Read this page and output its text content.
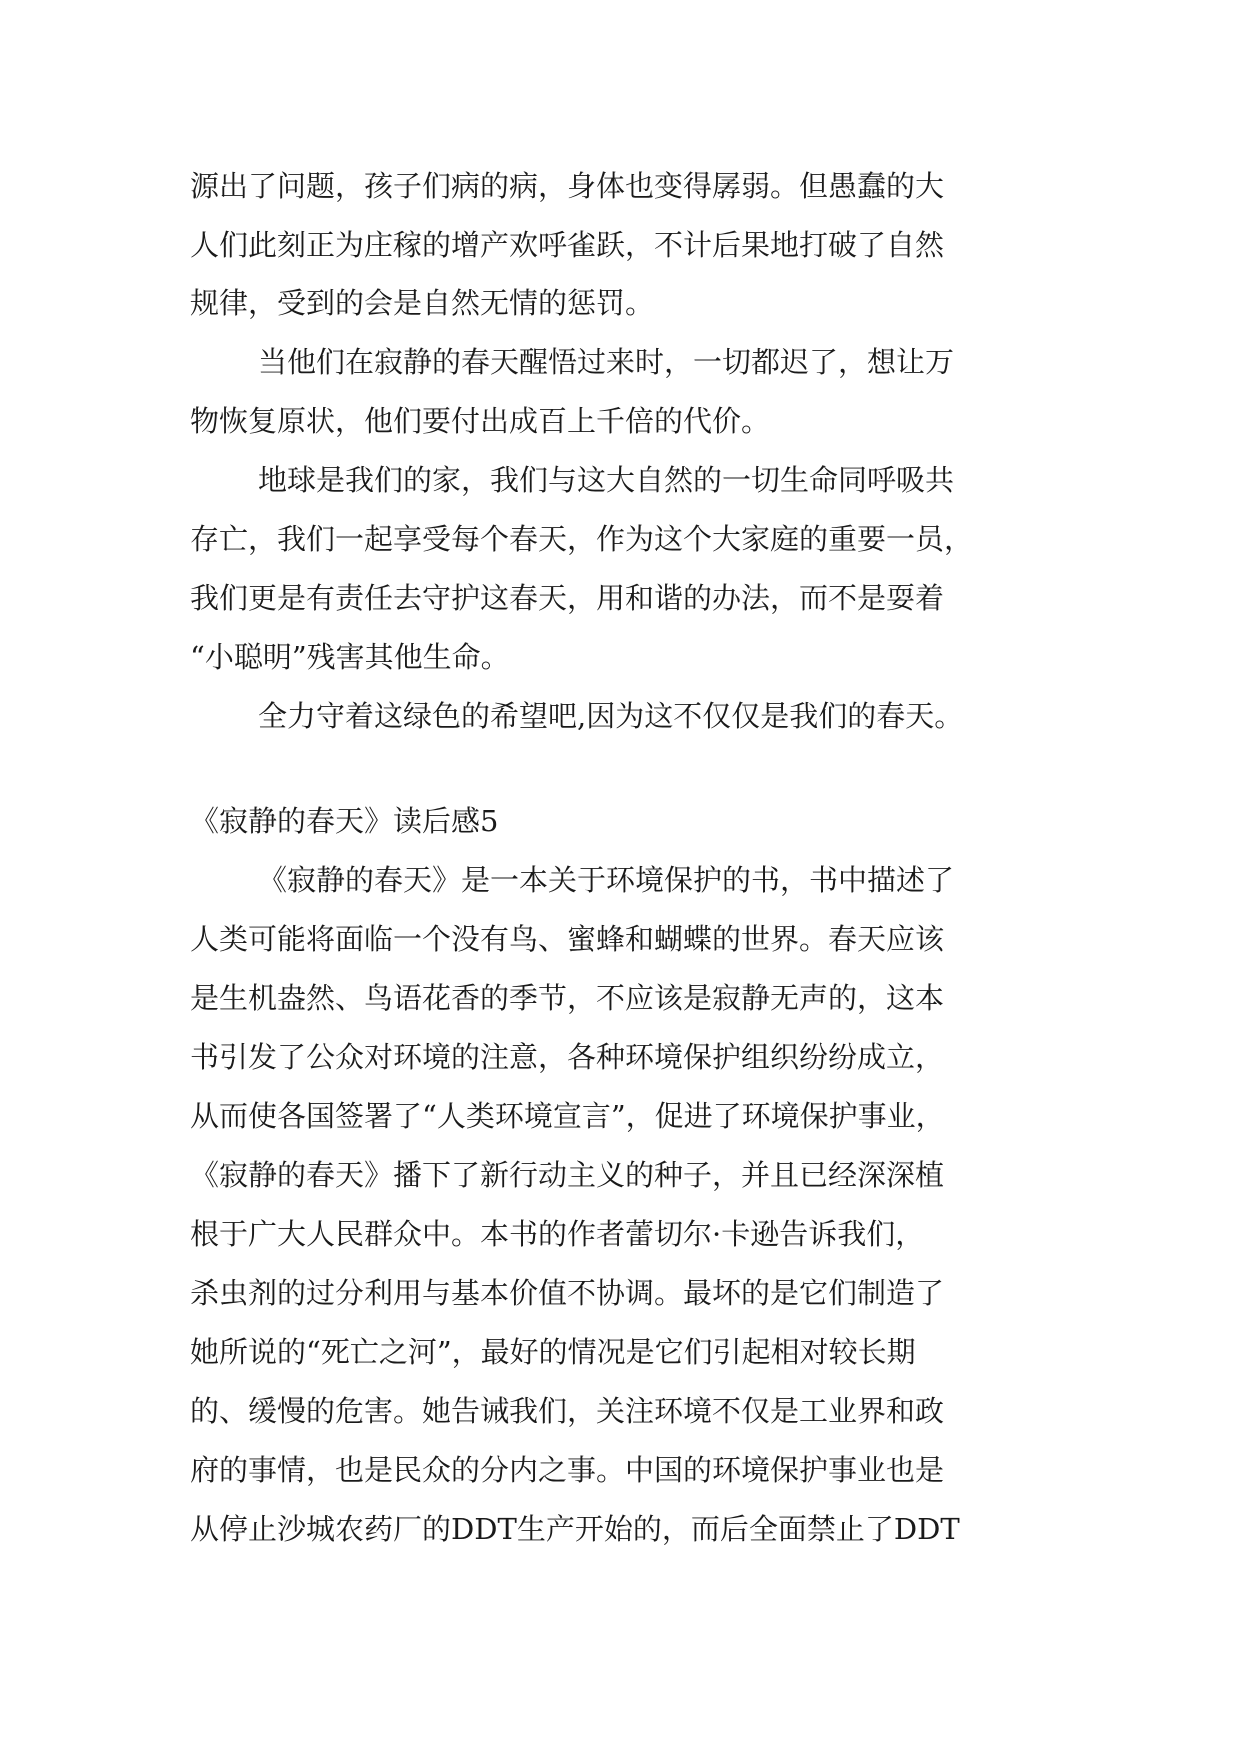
源出了问题，孩子们病的病，身体也变得孱弱。但愚蠢的大
人们此刻正为庄稼的增产欢呼雀跃，不计后果地打破了自然
规律，受到的会是自然无情的惩罚。
当他们在寂静的春天醒悟过来时，一切都迟了，想让万
物恢复原状，他们要付出成百上千倍的代价。
地球是我们的家，我们与这大自然的一切生命同呼吸共
存亡，我们一起享受每个春天，作为这个大家庭的重要一员，
我们更是有责任去守护这春天，用和谐的办法，而不是耍着
“小聪明”残害其他生命。
全力守着这绿色的希望吧,因为这不仅仅是我们的春天。
《寂静的春天》读后感5
《寂静的春天》是一本关于环境保护的书，书中描述了
人类可能将面临一个没有鸟、蜜蜂和蝴蝶的世界。春天应该
是生机盎然、鸟语花香的季节，不应该是寂静无声的，这本
书引发了公众对环境的注意，各种环境保护组织纷纷成立，
从而使各国签署了“人类环境宣言”，促进了环境保护事业，
《寂静的春天》播下了新行动主义的种子，并且已经深深植
根于广大人民群众中。本书的作者蕾切尔·卡逊告诉我们，
杀虫剂的过分利用与基本价值不协调。最坏的是它们制造了
她所说的“死亡之河”，最好的情况是它们引起相对较长期
的、缓慢的危害。她告诫我们，关注环境不仅是工业界和政
府的事情，也是民众的分内之事。中国的环境保护事业也是
从停止沙城农药厂的DDT生产开始的，而后全面禁止了DDT
